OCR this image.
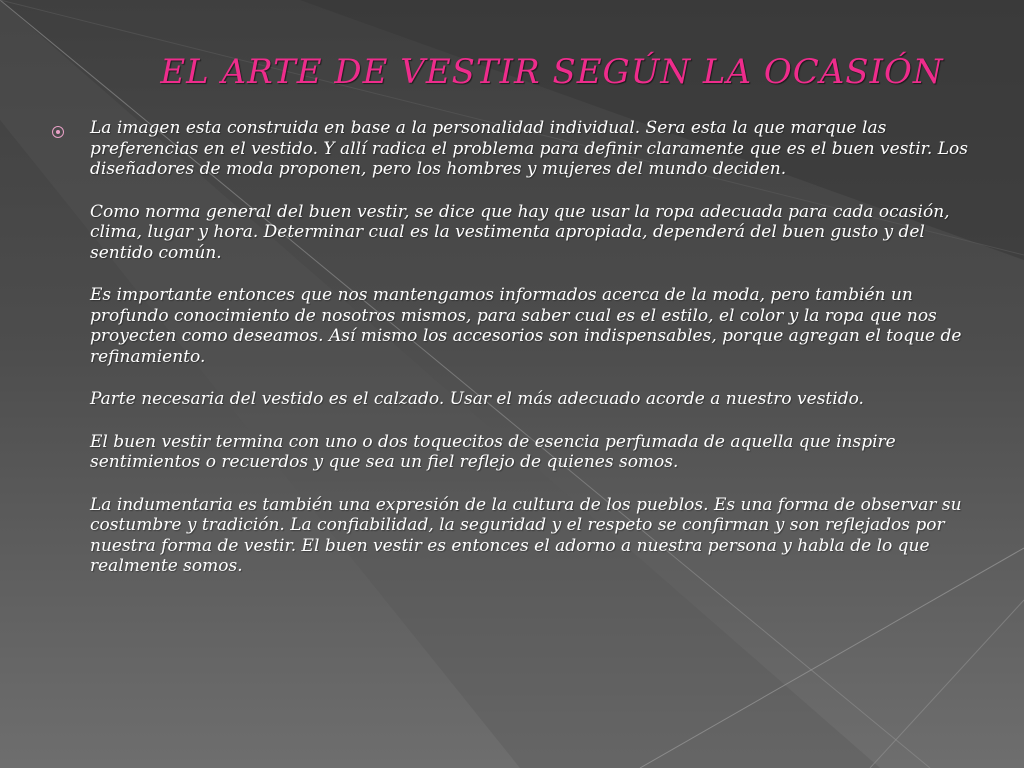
EL ARTE DE VESTIR SEGÚN LA OCASIÓN

La imagen esta construida en base a la personalidad individual. Sera esta la que marque las preferencias en el vestido. Y allí radica el problema para definir claramente que es el buen vestir. Los diseñadores de moda proponen, pero los hombres y mujeres del mundo deciden.

Como norma general del buen vestir, se dice que hay que usar la ropa adecuada para cada ocasión, clima, lugar y hora. Determinar cual es la vestimenta apropiada, dependerá del buen gusto y del sentido común.

Es importante entonces que nos mantengamos informados acerca de la moda, pero también un profundo conocimiento de nosotros mismos, para saber cual es el estilo, el color y la ropa que nos proyecten como deseamos. Así mismo los accesorios son indispensables, porque agregan el toque de refinamiento.

Parte necesaria del vestido es el calzado. Usar el más adecuado acorde a nuestro vestido.

El buen vestir termina con uno o dos toquecitos de esencia perfumada de aquella que inspire sentimientos o recuerdos y que sea un fiel reflejo de quienes somos.

La indumentaria es también una expresión de la cultura de los pueblos. Es una forma de observar su costumbre y tradición. La confiabilidad, la seguridad y el respeto se confirman y son reflejados por nuestra forma de vestir. El buen vestir es entonces el adorno a nuestra persona y habla de lo que realmente somos.
